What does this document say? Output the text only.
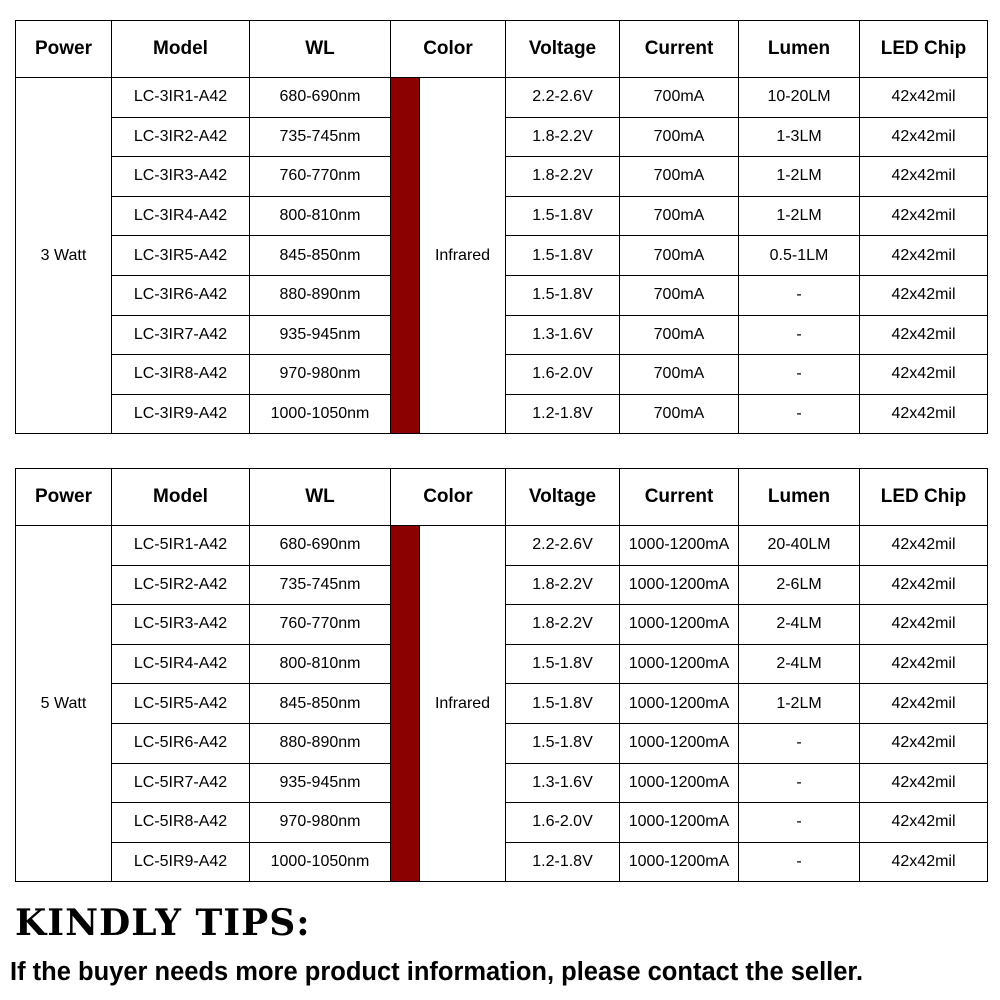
Power	Model	WL	Color		Voltage	Current	Lumen	LED Chip
3 Watt	LC-3IR1-A42	680-690nm		Infrared	2.2-2.6V	700mA	10-20LM	42x42mil
	LC-3IR2-A42	735-745nm			1.8-2.2V	700mA	1-3LM	42x42mil
	LC-3IR3-A42	760-770nm			1.8-2.2V	700mA	1-2LM	42x42mil
	LC-3IR4-A42	800-810nm			1.5-1.8V	700mA	1-2LM	42x42mil
	LC-3IR5-A42	845-850nm			1.5-1.8V	700mA	0.5-1LM	42x42mil
	LC-3IR6-A42	880-890nm			1.5-1.8V	700mA	-	42x42mil
	LC-3IR7-A42	935-945nm			1.3-1.6V	700mA	-	42x42mil
	LC-3IR8-A42	970-980nm			1.6-2.0V	700mA	-	42x42mil
	LC-3IR9-A42	1000-1050nm			1.2-1.8V	700mA	-	42x42mil
Power	Model	WL	Color		Voltage	Current	Lumen	LED Chip
5 Watt	LC-5IR1-A42	680-690nm		Infrared	2.2-2.6V	1000-1200mA	20-40LM	42x42mil
	LC-5IR2-A42	735-745nm			1.8-2.2V	1000-1200mA	2-6LM	42x42mil
	LC-5IR3-A42	760-770nm			1.8-2.2V	1000-1200mA	2-4LM	42x42mil
	LC-5IR4-A42	800-810nm			1.5-1.8V	1000-1200mA	2-4LM	42x42mil
	LC-5IR5-A42	845-850nm			1.5-1.8V	1000-1200mA	1-2LM	42x42mil
	LC-5IR6-A42	880-890nm			1.5-1.8V	1000-1200mA	-	42x42mil
	LC-5IR7-A42	935-945nm			1.3-1.6V	1000-1200mA	-	42x42mil
	LC-5IR8-A42	970-980nm			1.6-2.0V	1000-1200mA	-	42x42mil
	LC-5IR9-A42	1000-1050nm			1.2-1.8V	1000-1200mA	-	42x42mil
KINDLY TIPS:

If the buyer needs more product information, please contact the seller.
